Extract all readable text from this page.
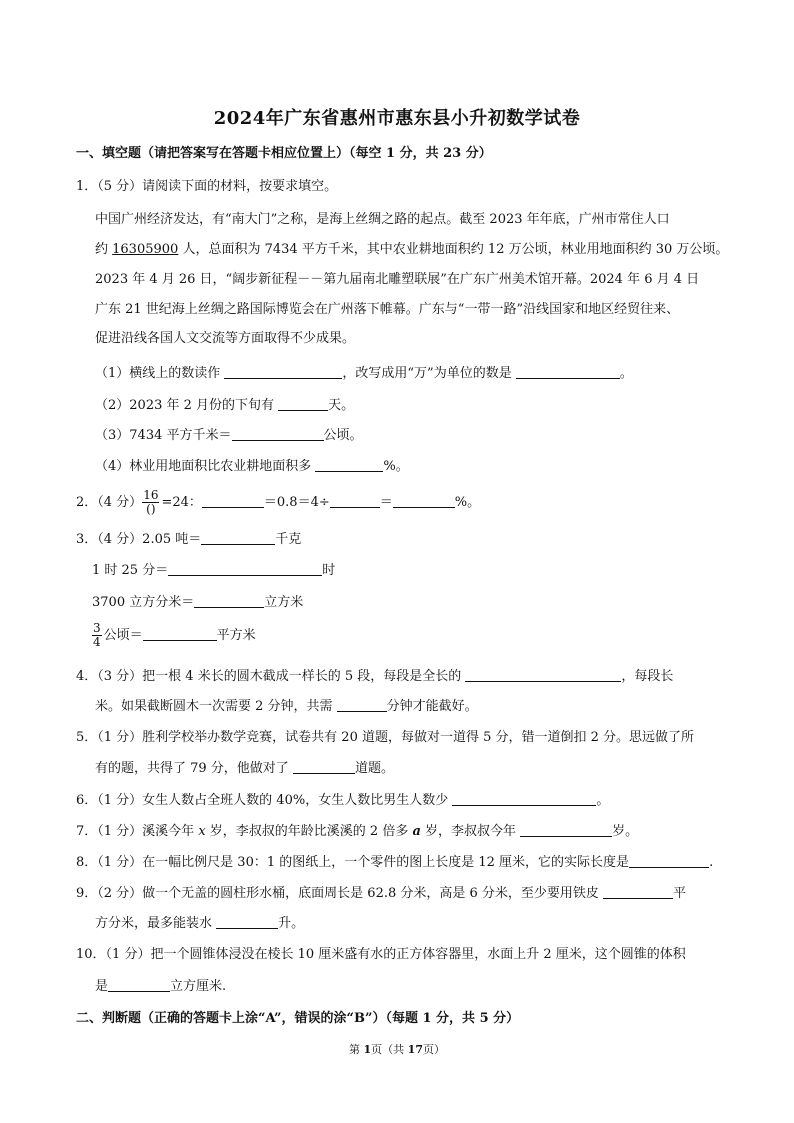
2024年广东省惠州市惠东县小升初数学试卷
一、填空题（请把答案写在答题卡相应位置上）（每空 1 分，共 23 分）
1．（5 分）请阅读下面的材料，按要求填空。
中国广州经济发达，有“南大门”之称，是海上丝绸之路的起点。截至 2023 年年底，广州市常住人口
约 16305900 人，总面积为 7434 平方千米，其中农业耕地面积约 12 万公顷，林业用地面积约 30 万公顷。
2023 年 4 月 26 日，“阔步新征程－－第九届南北雕塑联展”在广东广州美术馆开幕。2024 年 6 月 4 日
广东 21 世纪海上丝绸之路国际博览会在广州落下帷幕。广东与“一带一路”沿线国家和地区经贸往来、
促进沿线各国人文交流等方面取得不少成果。
（1）横线上的数读作	，改写成用“万”为单位的数是	。
（2）2023 年 2 月份的下旬有	天。
（3）7434 平方千米＝	公顷。
（4）林业用地面积比农业耕地面积多	%。
2．（4 分） $\frac{16}{()} =24$：	＝0.8＝4÷	＝	%。
3．（4 分）2.05 吨＝	千克
1 时 25 分＝	时
3700 立方分米＝	立方米
$\frac{3}{4}$ 公顷＝	平方米
4．（3 分）把一根 4 米长的圆木截成一样长的 5 段，每段是全长的	，每段长
米。如果截断圆木一次需要 2 分钟，共需	分钟才能截好。
5．（1 分）胜利学校举办数学竞赛，试卷共有 20 道题，每做对一道得 5 分，错一道倒扣 2 分。思远做了所
有的题，共得了 79 分，他做对了	道题。
6．（1 分）女生人数占全班人数的 40%，女生人数比男生人数少	。
7．（1 分）溪溪今年 x 岁，李叔叔的年龄比溪溪的 2 倍多 a 岁，李叔叔今年	岁。
8．（1 分）在一幅比例尺是 30：1 的图纸上，一个零件的图上长度是 12 厘米，它的实际长度是	.
9．（2 分）做一个无盖的圆柱形水桶，底面周长是 62.8 分米，高是 6 分米，至少要用铁皮	平
方分米，最多能装水	升。
10．（1 分）把一个圆锥体浸没在棱长 10 厘米盛有水的正方体容器里，水面上升 2 厘米，这个圆锥的体积
是	立方厘米.
二、判断题（正确的答题卡上涂“A”，错误的涂“B”）（每题 1 分，共 5 分）
第 1页（共 17页）
